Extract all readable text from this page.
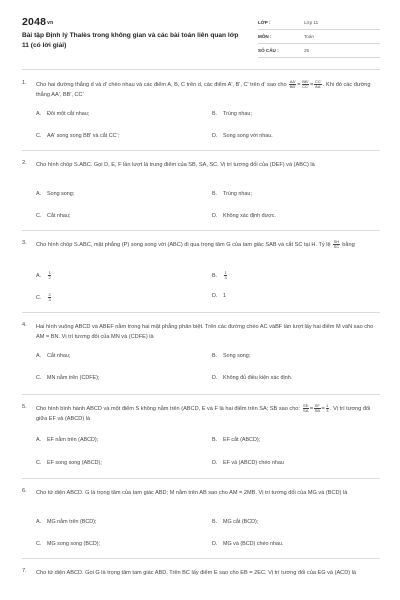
2048vn
Bài tập Định lý Thalès trong không gian và các bài toán liên quan lớp 11 (có lời giải)
LỚP :	Lớp 11
MÔN :	Toán
SỐ CÂU :	25
1. Cho hai đường thẳng d và d' chéo nhau và các điểm A, B, C trên d, các điểm A', B', C' trên d' sao cho $\frac{AA'}{BB'} = \frac{BB'}{CC'} = \frac{CC'}{AA'}$ . Khi đó các đường thẳng AA', BB', CC'
A. Đôi một cắt nhau;	B. Trùng nhau;
C. AA' song song BB' và cắt CC';	D. Song song với nhau.
2. Cho hình chóp S.ABC. Gọi D, E, F lần lượt là trung điểm của SB, SA, SC. Vị trí tương đối của (DEF) và (ABC) là
A. Song song;	B. Trùng nhau;
C. Cắt nhau;	D. Không xác định được.
3. Cho hình chóp S.ABC, mặt phẳng (P) song song với (ABC) đi qua trọng tâm G của tam giác SAB và cắt SC tại H. Tỷ lệ $\frac{SH}{SC}$ bằng
A. $\frac{1}{2}$	B. $\frac{1}{3}$
C. $\frac{2}{3}$	D. 1
4. Hai hình vuông ABCD và ABEF nằm trong hai mặt phẳng phân biệt. Trên các đường chéo AC vàBF lần lượt lấy hai điểm M vàN sao cho AM = BN. Vị trí tương đối của MN và (CDFE) là
A. Cắt nhau;	B. Song song;
C. MN nằm trên (CDFE);	D. Không đủ điều kiện xác định.
5. Cho hình bình hành ABCD và một điểm S không nằm trên (ABCD, E và F là hai điểm trên SA; SB sao cho: $\frac{SE}{SA} = \frac{SF}{SB} = \frac{1}{3}$ . Vị trí tương đối giữa EF và (ABCD) là
A. EF nằm trên (ABCD);	B. EF cắt (ABCD);
C. EF song song (ABCD);	D. EF và (ABCD) chéo nhau
6. Cho tứ diện ABCD. G là trọng tâm của tam giác ABD; M nằm trên AB sao cho AM = 2MB. Vị trí tương đối của MG và (BCD) là
A. MG nằm trên (BCD);	B. MG cắt (BCD);
C. MG song song (BCD);	D. MG và (BCD) chéo nhau.
7. Cho tứ diện ABCD. Gọi G là trọng tâm tam giác ABD. Trên BC lấy điểm E sao cho EB = 2EC. Vị trí tương đối của EG và (ACD) là
